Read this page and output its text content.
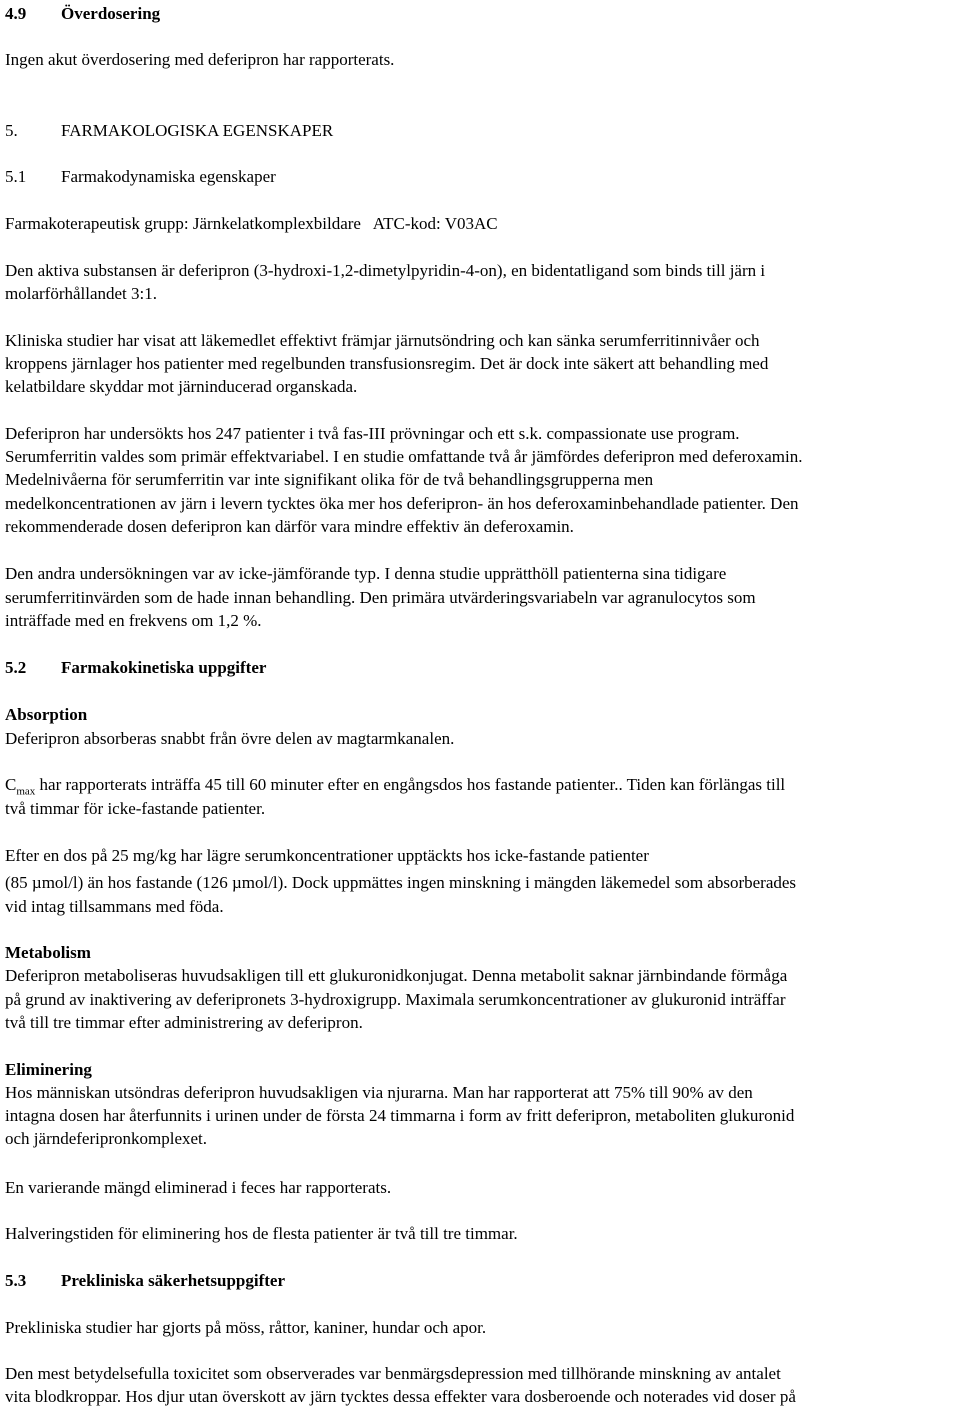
4.9 Överdosering
Ingen akut överdosering med deferipron har rapporterats.
5.	FARMAKOLOGISKA EGENSKAPER
5.1 Farmakodynamiska egenskaper
Farmakoterapeutisk grupp: Järnkelatkomplexbildare   ATC-kod: V03AC
Den aktiva substansen är deferipron (3-hydroxi-1,2-dimetylpyridin-4-on), en bidentatligand som binds till järn i
molarförhållandet 3:1.
Kliniska studier har visat att läkemedlet effektivt främjar järnutsöndring och kan sänka serumferritinnivåer och
kroppens järnlager hos patienter med regelbunden transfusionsregim. Det är dock inte säkert att behandling med
kelatbildare skyddar mot järninducerad organskada.
Deferipron har undersökts hos 247 patienter i två fas-III prövningar och ett s.k. compassionate use program.
Serumferritin valdes som primär effektvariabel. I en studie omfattande två år jämfördes deferipron med deferoxamin.
Medelnivåerna för serumferritin var inte signifikant olika för de två behandlingsgrupperna men
medelkoncentrationen av järn i levern tycktes öka mer hos deferipron- än hos deferoxaminbehandlade patienter. Den
rekommenderade dosen deferipron kan därför vara mindre effektiv än deferoxamin.
Den andra undersökningen var av icke-jämförande typ. I denna studie upprätthöll patienterna sina tidigare
serumferritinvärden som de hade innan behandling. Den primära utvärderingsvariabeln var agranulocytos som
inträffade med en frekvens om 1,2 %.
5.2 Farmakokinetiska uppgifter
Absorption
Deferipron absorberas snabbt från övre delen av magtarmkanalen.
$C_{max}$ har rapporterats inträffa 45 till 60 minuter efter en engångsdos hos fastande patienter.. Tiden kan förlängas till
två timmar för icke-fastande patienter.
Efter en dos på 25 mg/kg har lägre serumkoncentrationer upptäckts hos icke-fastande patienter
(85 µmol/l) än hos fastande (126 µmol/l). Dock uppmättes ingen minskning i mängden läkemedel som absorberades
vid intag tillsammans med föda.
Metabolism
Deferipron metaboliseras huvudsakligen till ett glukuronidkonjugat. Denna metabolit saknar järnbindande förmåga
på grund av inaktivering av deferipronets 3-hydroxigrupp. Maximala serumkoncentrationer av glukuronid inträffar
två till tre timmar efter administrering av deferipron.
Eliminering
Hos människan utsöndras deferipron huvudsakligen via njurarna. Man har rapporterat att 75% till 90% av den
intagna dosen har återfunnits i urinen under de första 24 timmarna i form av fritt deferipron, metaboliten glukuronid
och järndeferipronkomplexet.
En varierande mängd eliminerad i feces har rapporterats.
Halveringstiden för eliminering hos de flesta patienter är två till tre timmar.
5.3 Prekliniska säkerhetsuppgifter
Prekliniska studier har gjorts på möss, råttor, kaniner, hundar och apor.
Den mest betydelsefulla toxicitet som observerades var benmärgsdepression med tillhörande minskning av antalet
vita blodkroppar. Hos djur utan överskott av järn tycktes dessa effekter vara dosberoende och noterades vid doser på
